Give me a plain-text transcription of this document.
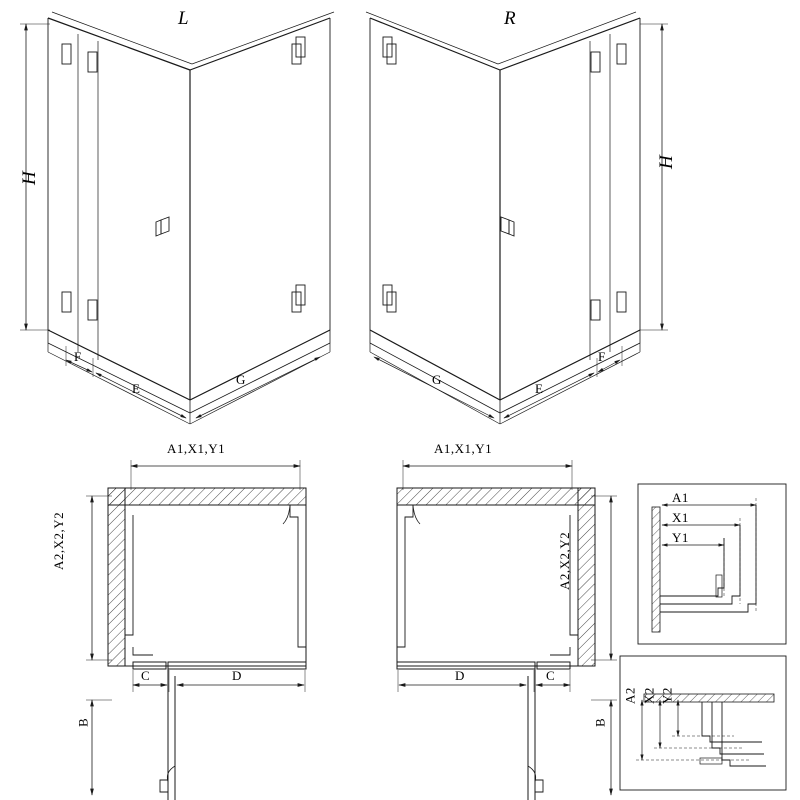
L	R
H
H
F
E
G	G
E
F
A1,X1,Y1	A1,X1,Y1
A2,X2,Y2	A2,X2,Y2
C	D	D	C
B	B
A1
X1
Y1
A2 X2 Y2
